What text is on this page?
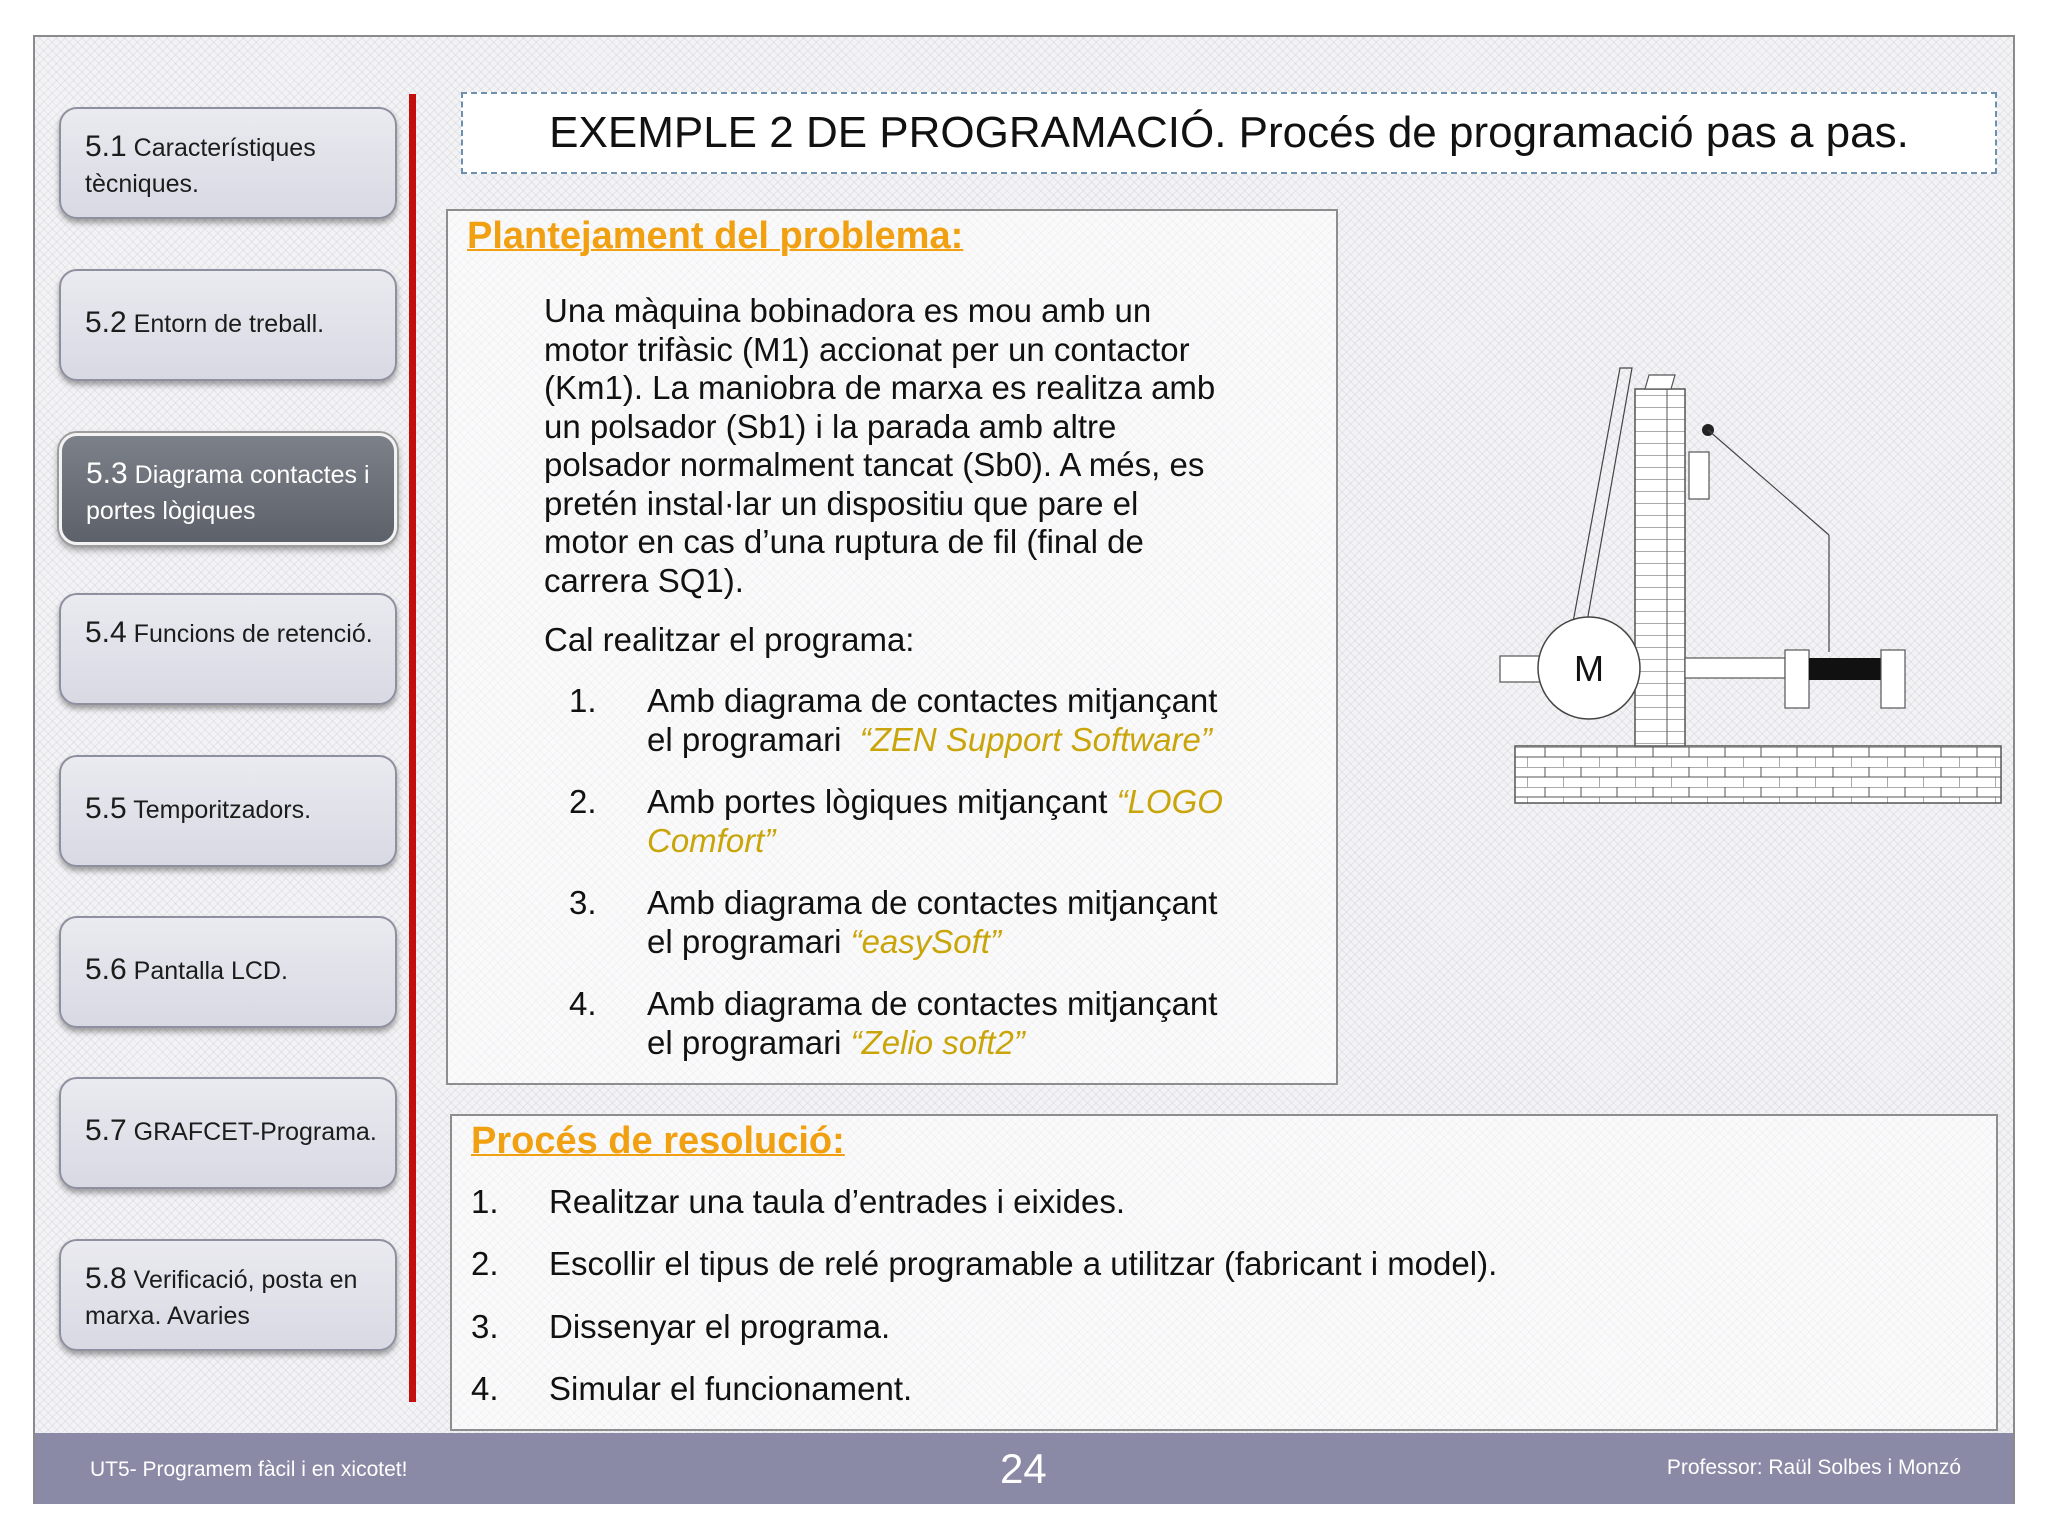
5.1 Característiques tècniques.
5.2 Entorn de treball.
5.3 Diagrama contactes i portes lògiques
5.4 Funcions de retenció.
5.5 Temporitzadors.
5.6 Pantalla LCD.
5.7 GRAFCET-Programa.
5.8 Verificació, posta en marxa. Avaries
EXEMPLE 2 DE PROGRAMACIÓ. Procés de programació pas a pas.
Plantejament del problema:
Una màquina bobinadora es mou amb un
motor trifàsic (M1) accionat per un contactor
(Km1). La maniobra de marxa es realitza amb
un polsador (Sb1) i la parada amb altre
polsador normalment tancat (Sb0). A més, es
pretén instal·lar un dispositiu que pare el
motor en cas d’una ruptura de fil (final de
carrera SQ1).
Cal realitzar el programa:
1. Amb diagrama de contactes mitjançant
el programari  “ZEN Support Software”
2. Amb portes lògiques mitjançant “LOGO
Comfort”
3. Amb diagrama de contactes mitjançant
el programari “easySoft”
4. Amb diagrama de contactes mitjançant
el programari “Zelio soft2”
M
Procés de resolució:
1. Realitzar una taula d’entrades i eixides.
2. Escollir el tipus de relé programable a utilitzar (fabricant i model).
3. Dissenyar el programa.
4. Simular el funcionament.
UT5- Programem fàcil i en xicotet!	24	Professor: Raül Solbes i Monzó
